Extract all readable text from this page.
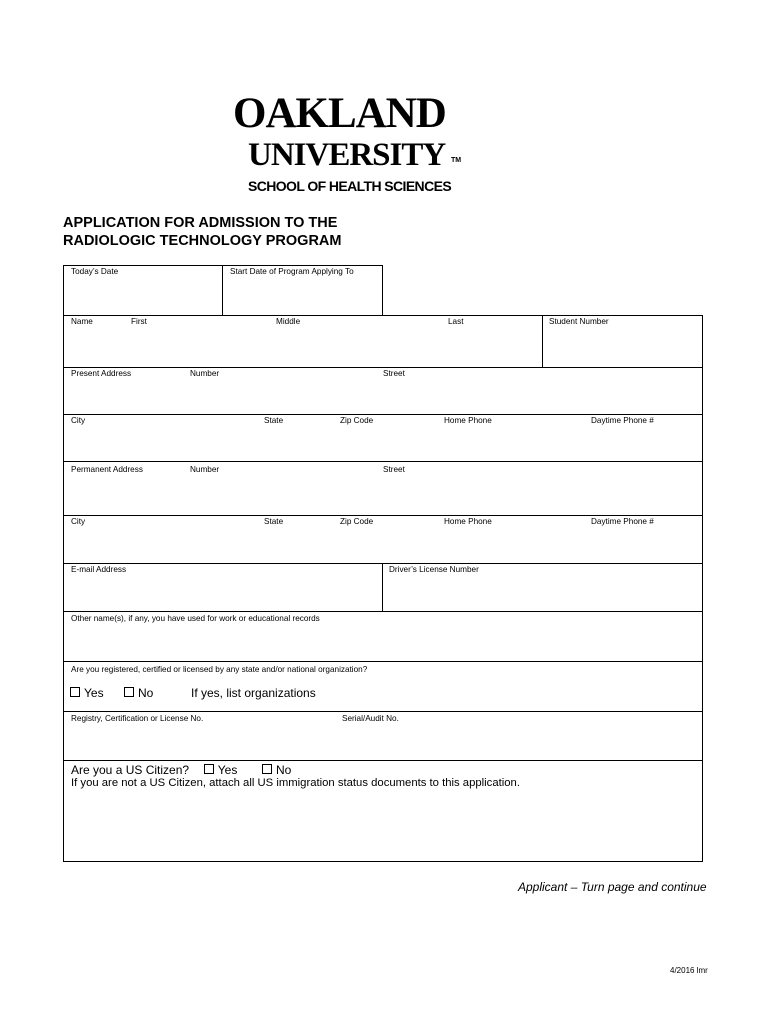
OAKLAND
UNIVERSITY TM
SCHOOL OF HEALTH SCIENCES
APPLICATION FOR ADMISSION TO THE
RADIOLOGIC TECHNOLOGY PROGRAM
Today’s Date	Start Date of Program Applying To
Name	First	Middle	Last	Student Number
Present Address	Number	Street
City	State	Zip Code	Home Phone	Daytime Phone #
Permanent Address	Number	Street
City	State	Zip Code	Home Phone	Daytime Phone #
E-mail Address	Driver’s License Number
Other name(s), if any, you have used for work or educational records
Are you registered, certified or licensed by any state and/or national organization?
Yes	No	If yes, list organizations
Registry, Certification or License No.	Serial/Audit No.
Are you a US Citizen? Yes	No
If you are not a US Citizen, attach all US immigration status documents to this application.
Applicant – Turn page and continue
4/2016 lmr
